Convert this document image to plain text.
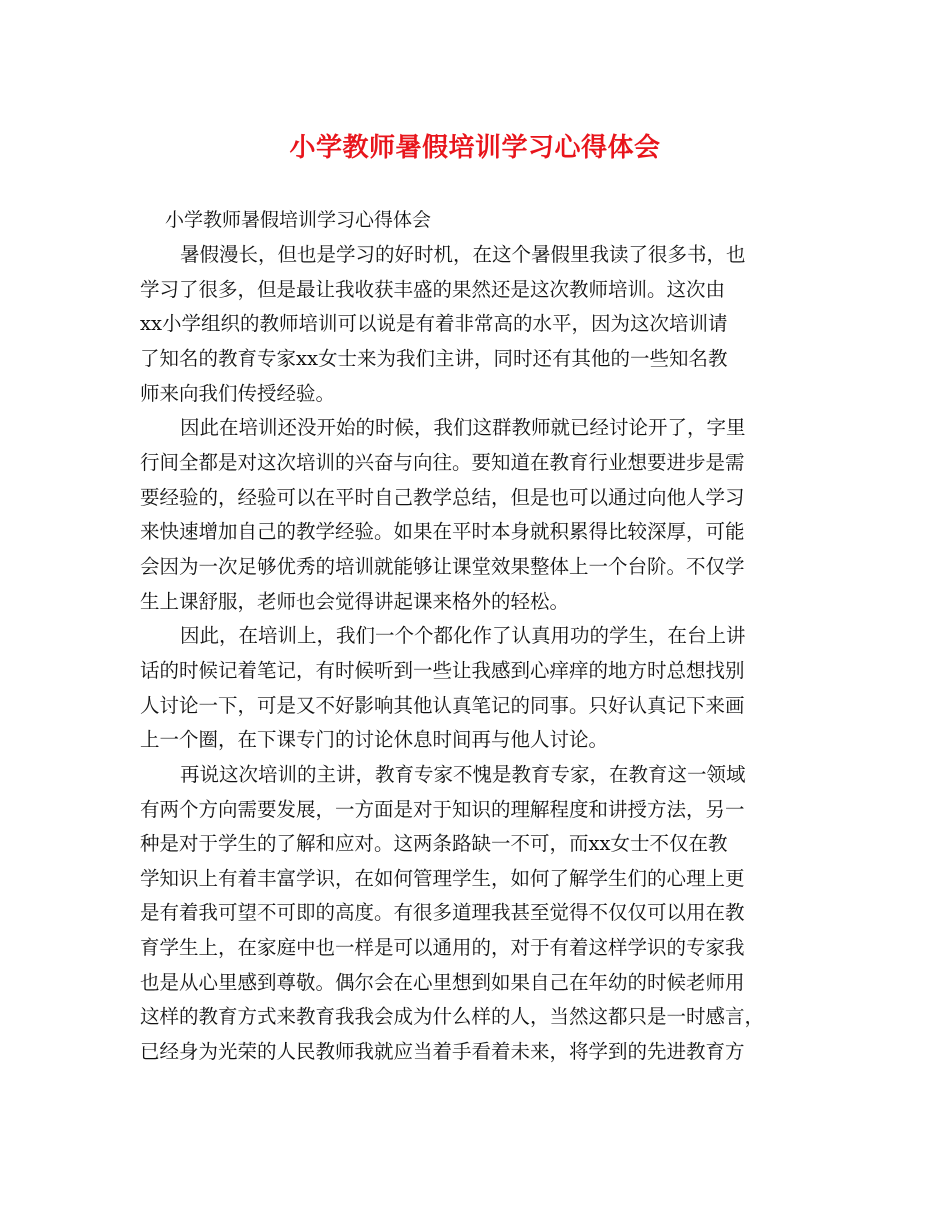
小学教师暑假培训学习心得体会
小学教师暑假培训学习心得体会
暑假漫长，但也是学习的好时机，在这个暑假里我读了很多书，也
学习了很多，但是最让我收获丰盛的果然还是这次教师培训。这次由
xx小学组织的教师培训可以说是有着非常高的水平，因为这次培训请
了知名的教育专家xx女士来为我们主讲，同时还有其他的一些知名教
师来向我们传授经验。
因此在培训还没开始的时候，我们这群教师就已经讨论开了，字里
行间全都是对这次培训的兴奋与向往。要知道在教育行业想要进步是需
要经验的，经验可以在平时自己教学总结，但是也可以通过向他人学习
来快速增加自己的教学经验。如果在平时本身就积累得比较深厚，可能
会因为一次足够优秀的培训就能够让课堂效果整体上一个台阶。不仅学
生上课舒服，老师也会觉得讲起课来格外的轻松。
因此，在培训上，我们一个个都化作了认真用功的学生，在台上讲
话的时候记着笔记，有时候听到一些让我感到心痒痒的地方时总想找别
人讨论一下，可是又不好影响其他认真笔记的同事。只好认真记下来画
上一个圈，在下课专门的讨论休息时间再与他人讨论。
再说这次培训的主讲，教育专家不愧是教育专家，在教育这一领域
有两个方向需要发展，一方面是对于知识的理解程度和讲授方法，另一
种是对于学生的了解和应对。这两条路缺一不可，而xx女士不仅在教
学知识上有着丰富学识，在如何管理学生，如何了解学生们的心理上更
是有着我可望不可即的高度。有很多道理我甚至觉得不仅仅可以用在教
育学生上，在家庭中也一样是可以通用的，对于有着这样学识的专家我
也是从心里感到尊敬。偶尔会在心里想到如果自己在年幼的时候老师用
这样的教育方式来教育我我会成为什么样的人，当然这都只是一时感言，
已经身为光荣的人民教师我就应当着手看着未来，将学到的先进教育方
